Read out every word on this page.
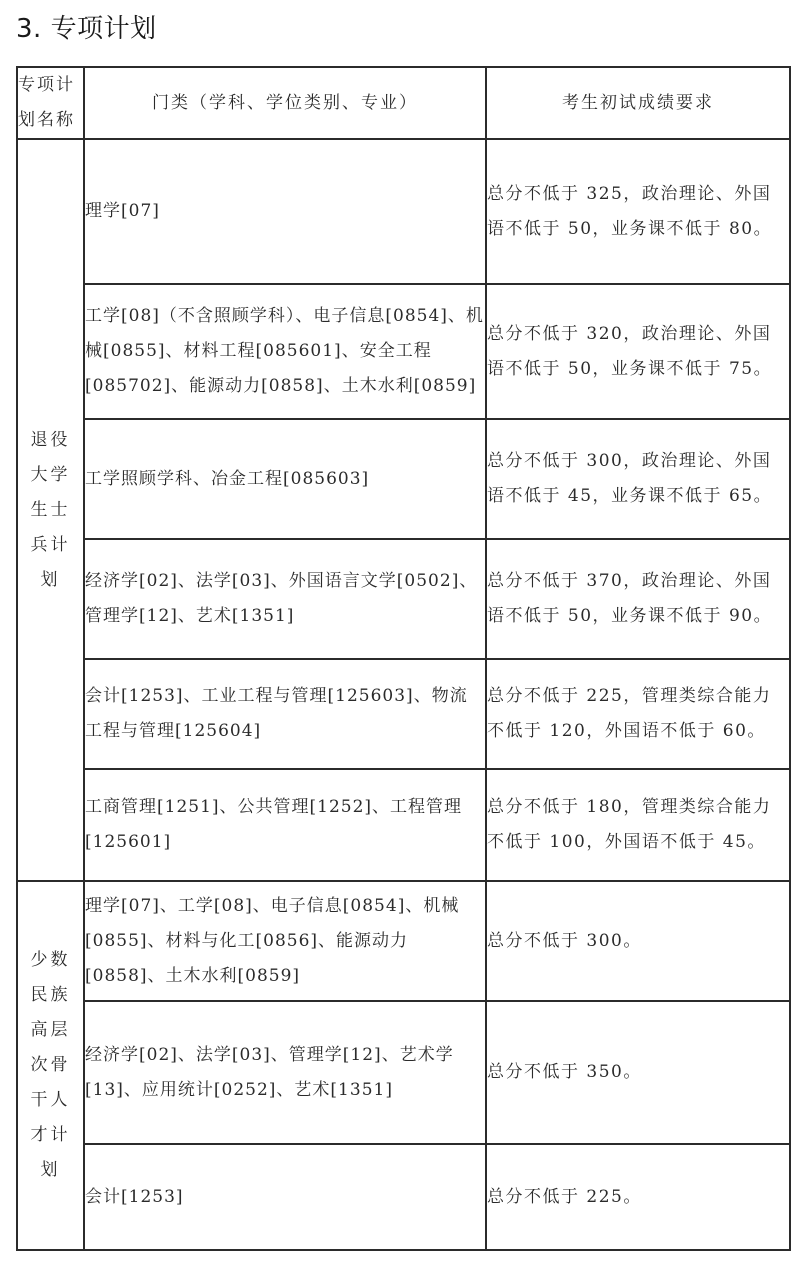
3. 专项计划
专项计划名称	门类（学科、学位类别、专业）	考生初试成绩要求
退役大学生士兵计划	理学[07]	总分不低于 325，政治理论、外国语不低于 50，业务课不低于 80。
	工学[08]（不含照顾学科）、电子信息[0854]、机械[0855]、材料工程[085601]、安全工程[085702]、能源动力[0858]、土木水利[0859]	总分不低于 320，政治理论、外国语不低于 50，业务课不低于 75。
	工学照顾学科、冶金工程[085603]	总分不低于 300，政治理论、外国语不低于 45，业务课不低于 65。
	经济学[02]、法学[03]、外国语言文学[0502]、管理学[12]、艺术[1351]	总分不低于 370，政治理论、外国语不低于 50，业务课不低于 90。
	会计[1253]、工业工程与管理[125603]、物流工程与管理[125604]	总分不低于 225，管理类综合能力不低于 120，外国语不低于 60。
	工商管理[1251]、公共管理[1252]、工程管理[125601]	总分不低于 180，管理类综合能力不低于 100，外国语不低于 45。
少数民族高层次骨干人才计划	理学[07]、工学[08]、电子信息[0854]、机械[0855]、材料与化工[0856]、能源动力[0858]、土木水利[0859]	总分不低于 300。
	经济学[02]、法学[03]、管理学[12]、艺术学[13]、应用统计[0252]、艺术[1351]	总分不低于 350。
	会计[1253]	总分不低于 225。
